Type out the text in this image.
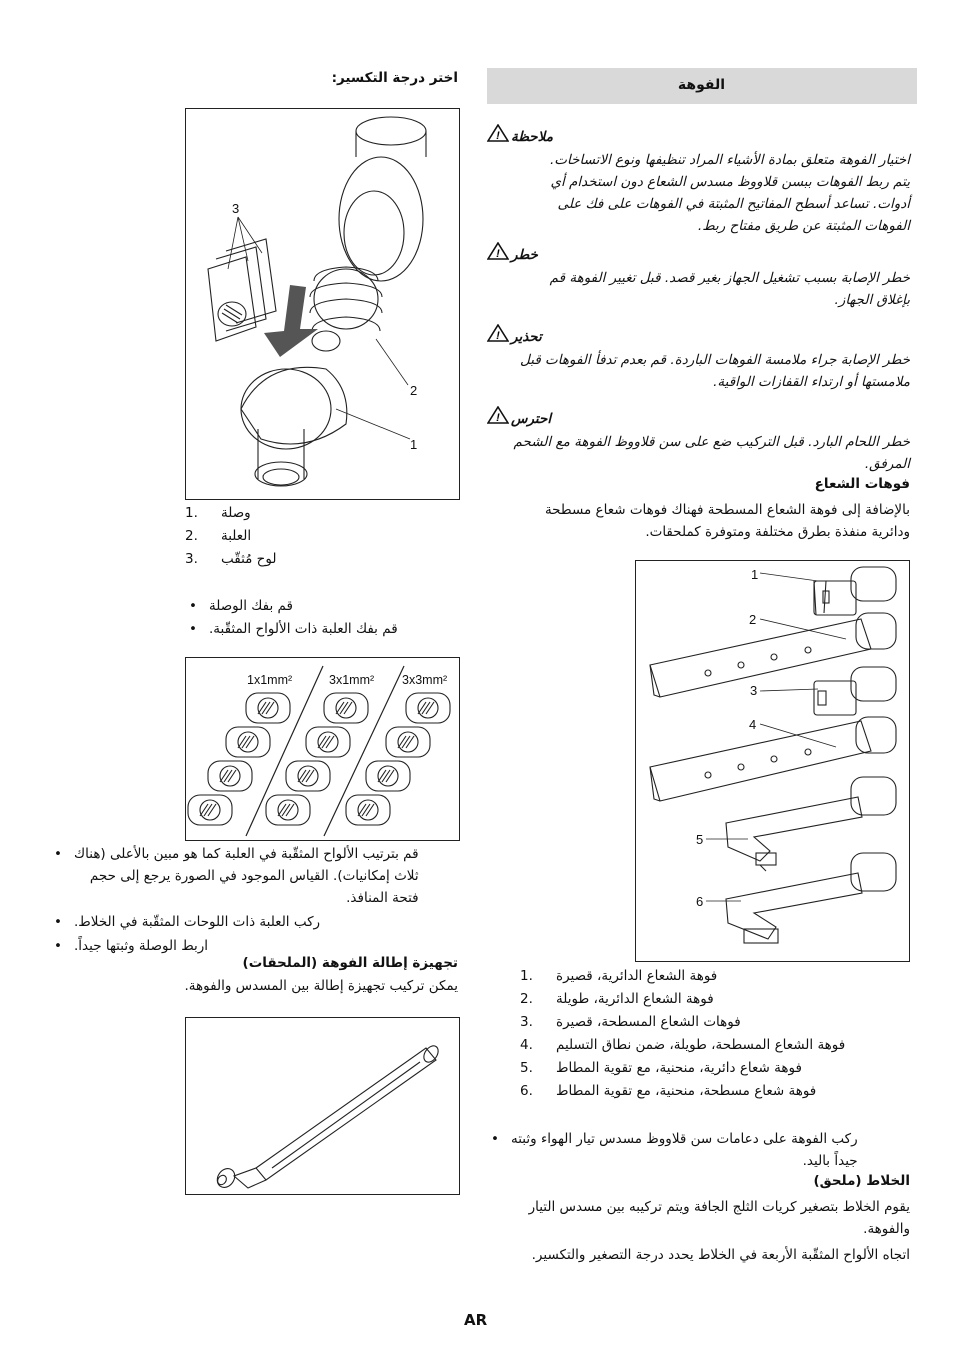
الفوهة
! ملاحظة
اختيار الفوهة متعلق بمادة الأشياء المراد تنظيفها ونوع الاتساخات.
يتم ربط الفوهات ببسن قلاووظ مسدس الشعاع دون استخدام أي
أدوات. تساعد أسطح المفاتيح المثبتة في الفوهات على فك على
الفوهات المثبتة عن طريق مفتاح ربط.
! خطر
خطر الإصابة بسبب تشغيل الجهاز بغير قصد. قبل تغيير الفوهة قم
بإغلاق الجهاز.
! تحذير
خطر الإصابة جراء ملامسة الفوهات الباردة. قم بعدم تدفأ الفوهات قبل
ملامستها أو ارتداء القفازات الواقية.
! احترس
خطر اللحام البارد. قبل التركيب ضع على سن قلاووظ الفوهة مع الشحم
المرفق.
فوهات الشعاع
بالإضافة إلى فوهة الشعاع المسطحة فهناك فوهات شعاع مسطحة
ودائرية منفذة بطرق مختلفة ومتوفرة كملحقات.
1
2
3
4
5
6
1.	فوهة الشعاع الدائرية، قصيرة
2.	فوهة الشعاع الدائرية، طويلة
3.	فوهات الشعاع المسطحة، قصيرة
4.	فوهة الشعاع المسطحة، طويلة، ضمن نطاق التسليم
5.	فوهة شعاع دائرية، منحنية، مع تقوية المطاط
6.	فوهة شعاع مسطحة، منحنية، مع تقوية المطاط
• ركب الفوهة على دعامات سن قلاووظ مسدس تيار الهواء وثبته
جيداً باليد.
الخلاط (ملحق)
يقوم الخلاط بتصغير كريات الثلج الجافة ويتم تركيبه بين مسدس التيار
والفوهة.
اتجاه الألواح المثقّبة الأربعة في الخلاط يحدد درجة التصغير والتكسير.
اختر درجة التكسير:
3
2
1
1.	وصلة
2.	العلبة
3.	لوح مُثقّب
• قم بفك الوصلة
• قم بفك العلبة ذات الألواح المثقّبة.
1x1mm²	3x1mm² 3x3mm²
• قم بترتيب الألواح المثقّبة في العلبة كما هو مبين بالأعلى (هناك
ثلاث إمكانيات). القياس الموجود في الصورة يرجع إلى حجم
فتحة المنافذ.
• ركب العلبة ذات اللوحات المثقّبة في الخلاط.
• اربط الوصلة وثبتها جيداً.
تجهيزة إطالة الفوهة (الملحقات)
يمكن تركيب تجهيزة إطالة بين المسدس والفوهة.
AR
